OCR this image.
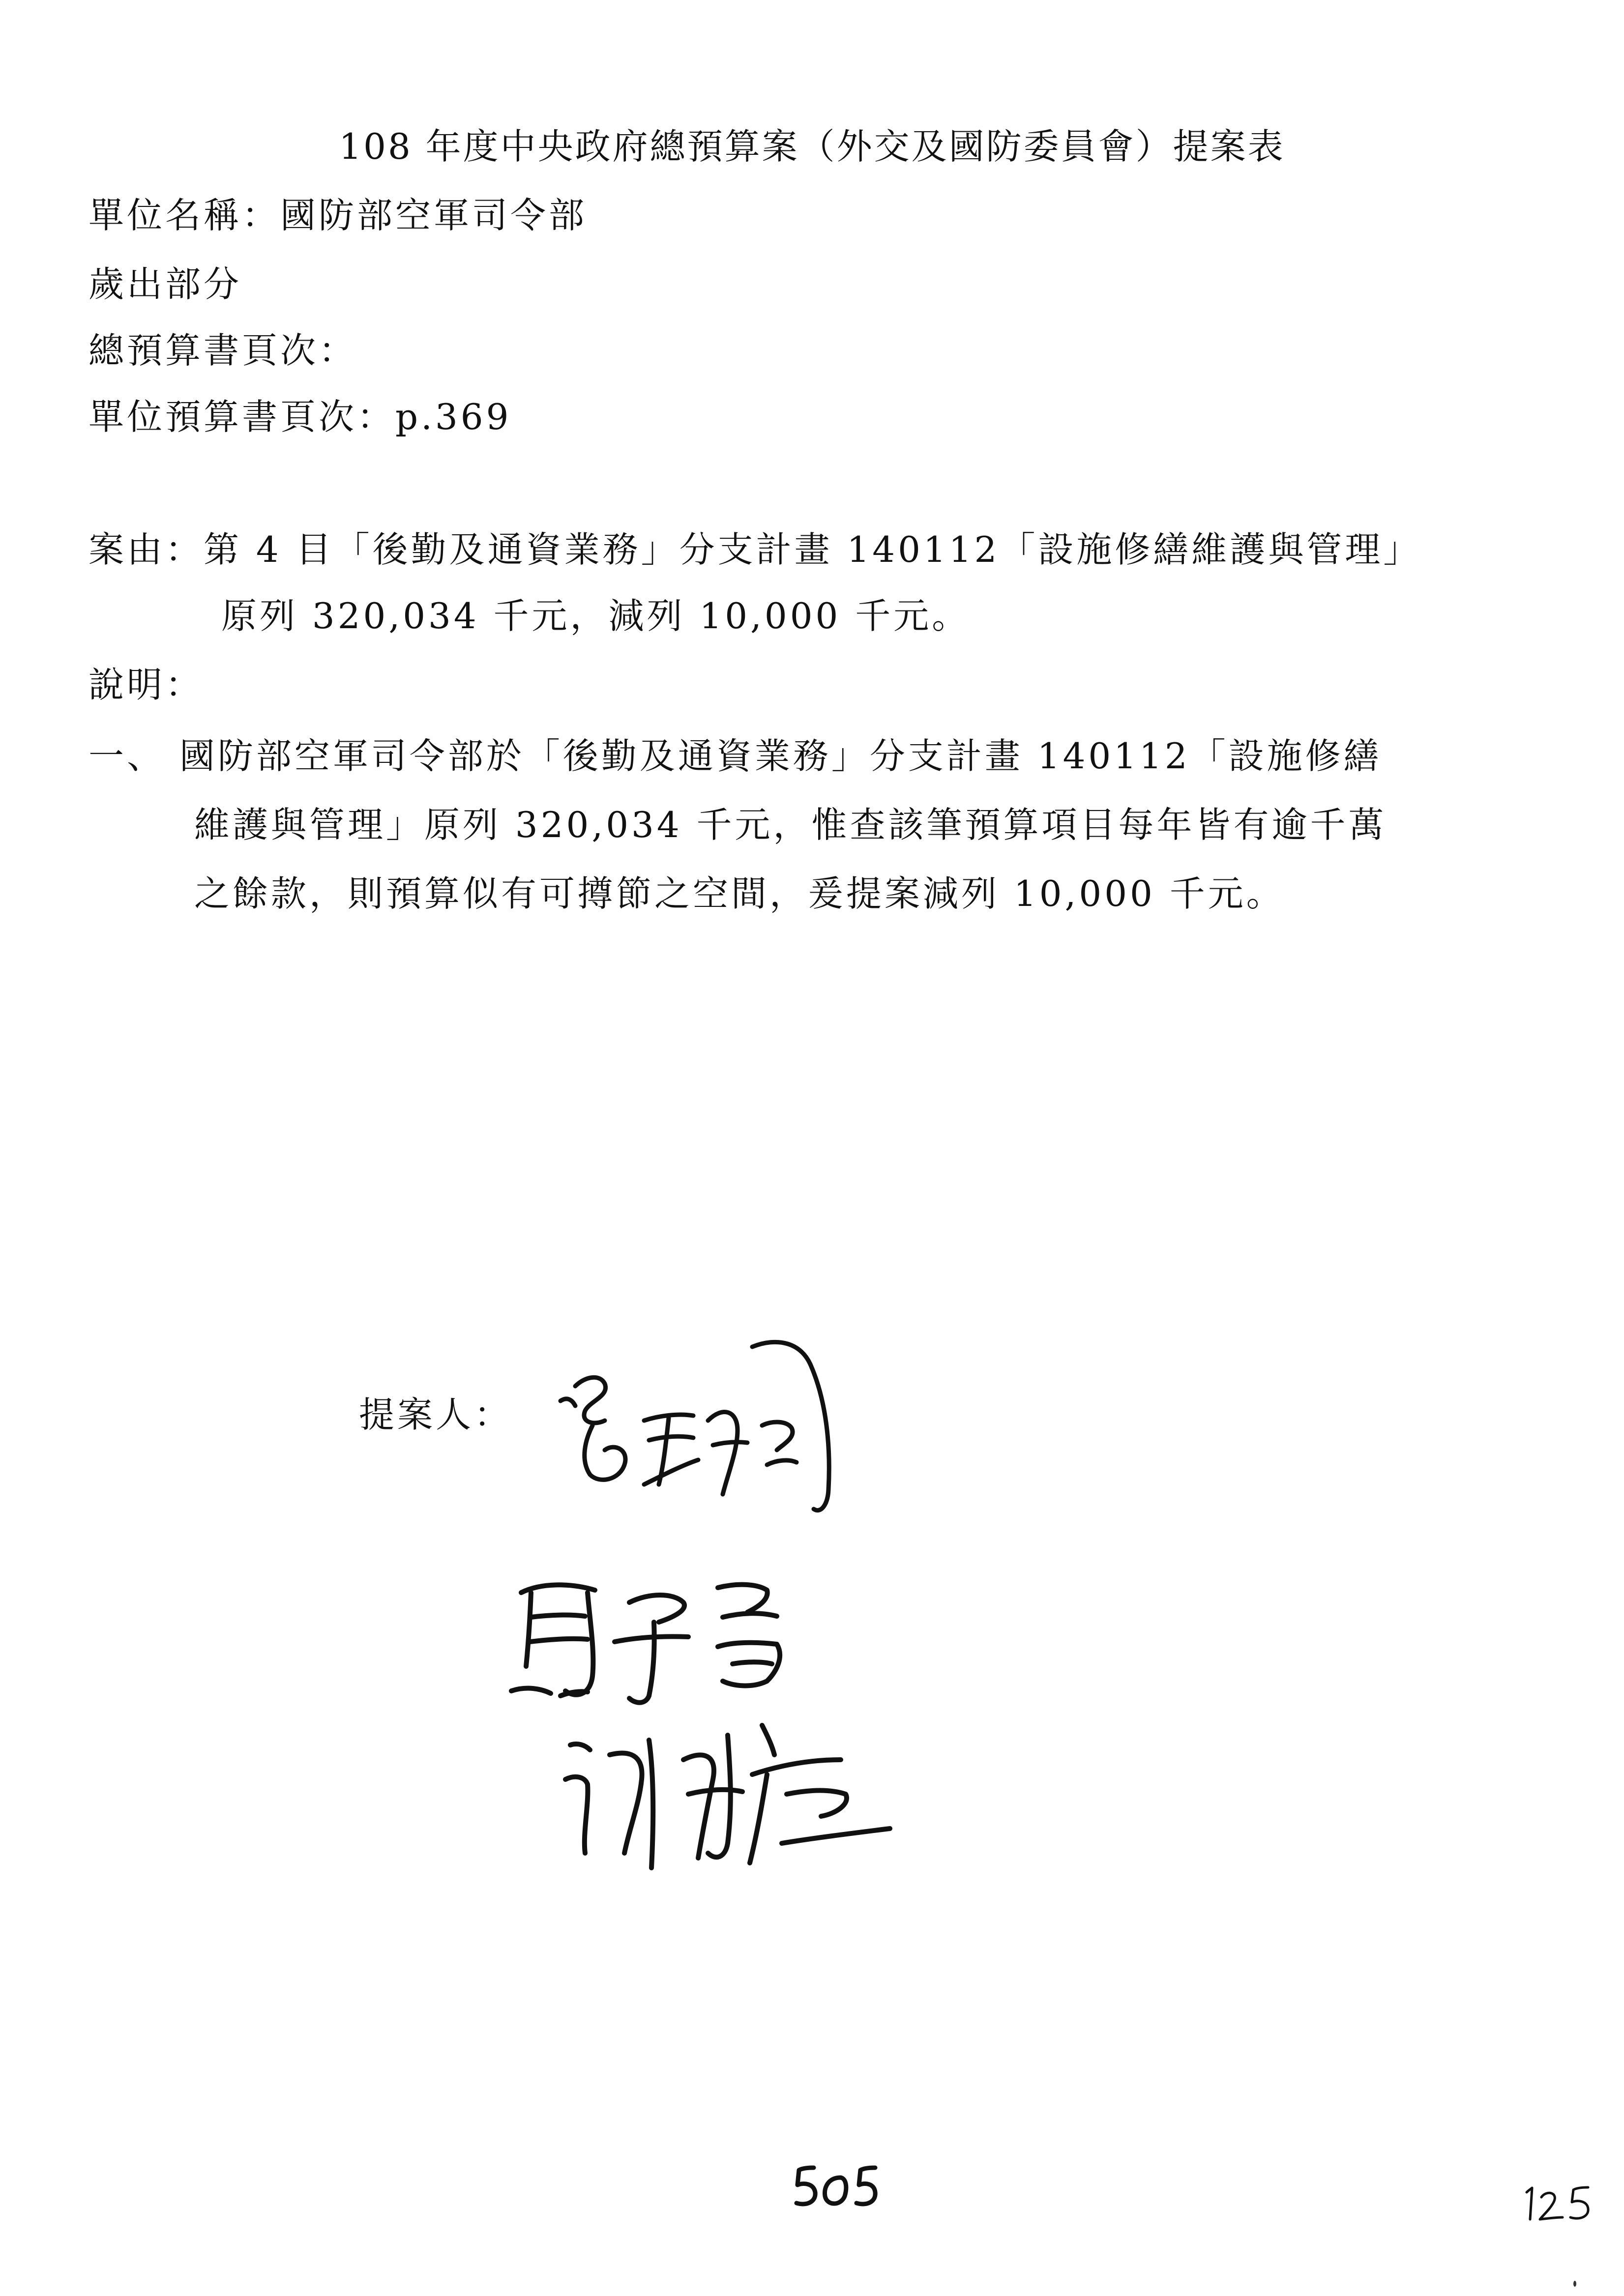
108 年度中央政府總預算案（外交及國防委員會）提案表
單位名稱：國防部空軍司令部
歲出部分
總預算書頁次：
單位預算書頁次：p.369
案由：第 4 目「後勤及通資業務」分支計畫 140112「設施修繕維護與管理」
原列 320,034 千元，減列 10,000 千元。
說明：
一、 國防部空軍司令部於「後勤及通資業務」分支計畫 140112「設施修繕
維護與管理」原列 320,034 千元，惟查該筆預算項目每年皆有逾千萬
之餘款，則預算似有可撙節之空間，爰提案減列 10,000 千元。
提案人：
